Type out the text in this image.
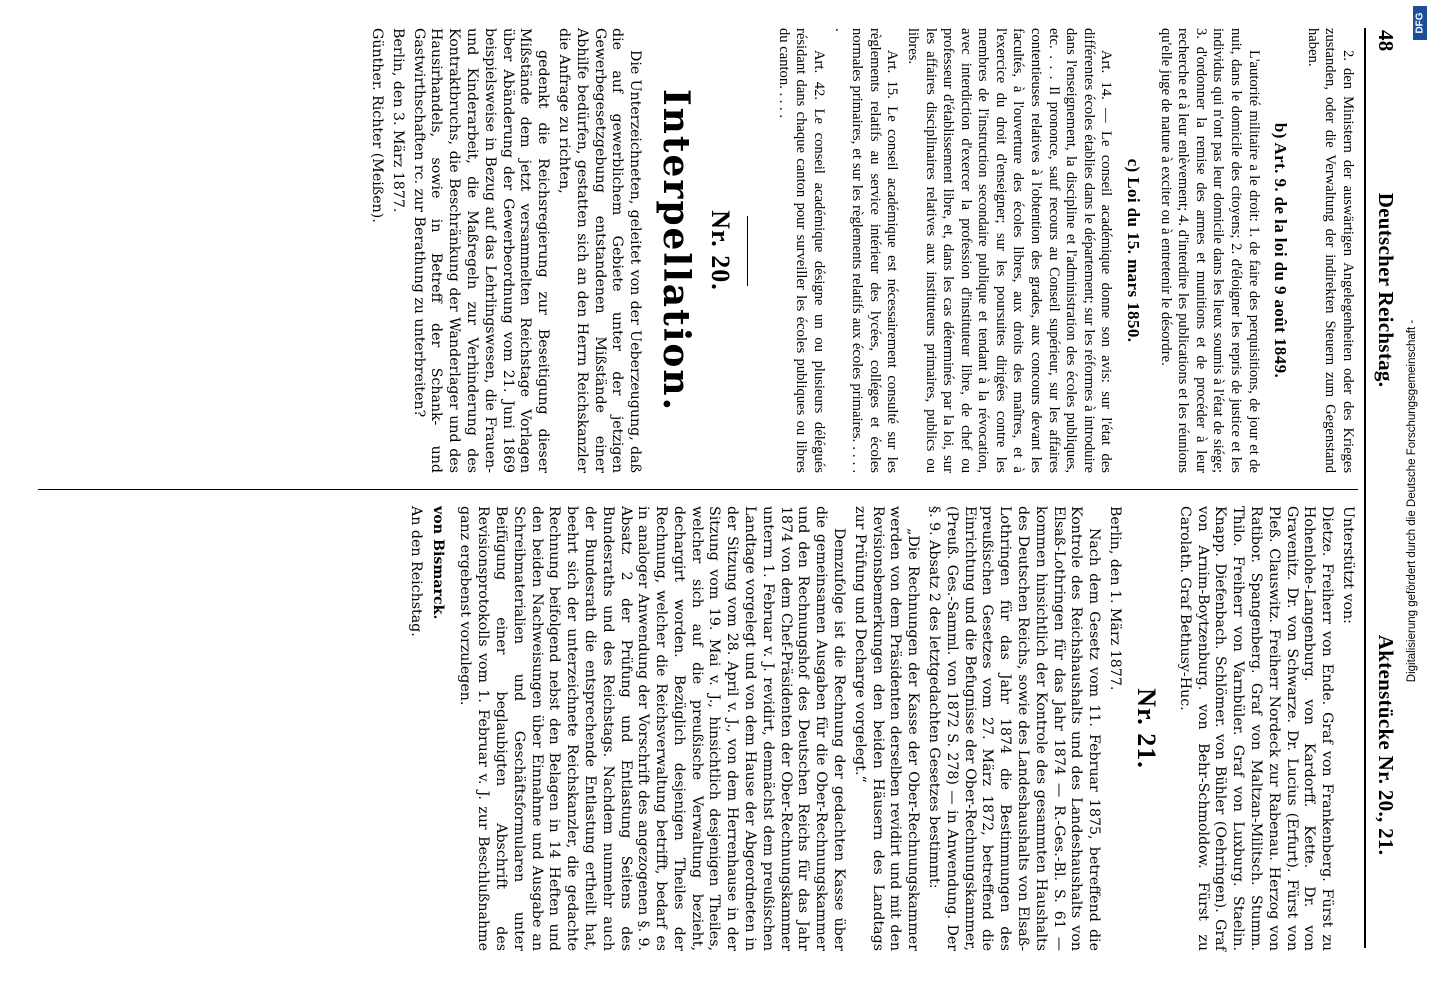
48
Deutscher Reichstag.
Aktenstücke Nr. 20., 21.

2. den Ministern der auswärtigen Angelegenheiten oder des Krieges zustanden, oder die Verwaltung der indirekten Steuern zum Gegenstand haben.

b) Art. 9. de la loi du 9 août 1849.

L'autorité militaire a le droit: 1. de faire des perquisitions, de jour et de nuit, dans le domicile des citoyens; 2. d'éloigner les repris de justice et les individus qui n'ont pas leur domicile dans les lieux soumis à l'état de siége; 3. d'ordonner la remise des armes et munitions et de procéder à leur recherche et à leur enlèvement; 4. d'interdire les publications et les réunions qu'elle juge de nature à exciter ou à entretenir le désordre.

c) Loi du 15. mars 1850.

Art. 14. — Le conseil académique donne son avis: sur l'état des différentes écoles établies dans le département; sur les réformes à introduire dans l'enseignement, la discipline et l'administration des écoles publiques, etc. . . . Il prononce, sauf recours au Conseil supérieur, sur les affaires contentieuses relatives à l'obtention des grades, aux concours devant les facultés, à l'ouverture des écoles libres, aux droits des maîtres, et à l'exercice du droit d'enseigner; sur les poursuites dirigées contre les membres de l'instruction secondaire publique et tendant à la révocation, avec interdiction d'exercer la profession d'instituteur libre, de chef ou professeur d'établissement libre, et, dans les cas déterminés par la loi, sur les affaires disciplinaires relatives aux instituteurs primaires, publics ou libres.

Art. 15. Le conseil académique est nécessairement consulté sur les règlements relatifs au service intérieur des lycées, colléges et écoles normales primaires, et sur les règlements relatifs aux écoles primaires. . . . . .

Art. 42. Le conseil académique désigne un ou plusieurs délégués résidant dans chaque canton pour surveiller les écoles publiques ou libres du canton. . . . .

Nr. 20.
Interpellation.

Die Unterzeichneten, geleitet von der Ueberzeugung, daß die auf gewerblichem Gebiete unter der jetzigen Gewerbegesetzgebung entstandenen Mißstände einer Abhilfe bedürfen, gestatten sich an den Herrn Reichskanzler die Anfrage zu richten,

gedenkt die Reichsregierung zur Beseitigung dieser Mißstände dem jetzt versammelten Reichstage Vorlagen über Abänderung der Gewerbeordnung vom 21. Juni 1869 beispielsweise in Bezug auf das Lehrlingswesen, die Frauen- und Kinderarbeit, die Maßregeln zur Verhinderung des Kontraktbruchs, die Beschränkung der Wanderlager und des Hausirhandels, sowie in Betreff der Schank- und Gastwirthschaften rc. zur Berathung zu unterbreiten?

Berlin, den 3. März 1877.

Günther. Richter (Meißen).

Unterstützt von:

Dietze. Freiherr von Ende. Graf von Frankenberg. Fürst zu Hohenlohe-Langenburg. von Kardorff. Kette. Dr. von Gravenitz. Dr. von Schwarze. Dr. Lucius (Erfurt). Fürst von Pleß. Clauswitz. Freiherr Nordeck zur Rabenau. Herzog von Ratibor. Spangenberg. Graf von Maltzan-Militsch. Stumm. Thilo. Freiherr von Varnbüler. Graf von Luxburg. Staelin. Knapp. Diefenbach. Schlömer. von Bühler (Oehringen). Graf von Arnim-Boytzenburg. von Behr-Schmoldow. Fürst zu Carolath. Graf Bethusy-Huc.

Nr. 21.

Berlin, den 1. März 1877.

Nach dem Gesetz vom 11. Februar 1875, betreffend die Kontrole des Reichshaushalts und des Landeshaushalts von Elsaß-Lothringen für das Jahr 1874 — R.-Ges.-Bl. S. 61 — kommen hinsichtlich der Kontrole des gesammten Haushalts des Deutschen Reichs, sowie des Landeshaushalts von Elsaß-Lothringen für das Jahr 1874 die Bestimmungen des preußischen Gesetzes vom 27. März 1872, betreffend die Einrichtung und die Befugnisse der Ober-Rechnungskammer, (Preuß. Ges.-Samml. von 1872 S. 278) — in Anwendung. Der §. 9. Absatz 2 des letztgedachten Gesetzes bestimmt:

„Die Rechnungen der Kasse der Ober-Rechnungskammer werden von dem Präsidenten derselben revidirt und mit den Revisionsbemerkungen den beiden Häusern des Landtags zur Prüfung und Decharge vorgelegt.“

Demzufolge ist die Rechnung der gedachten Kasse über die gemeinsamen Ausgaben für die Ober-Rechnungskammer und den Rechnungshof des Deutschen Reichs für das Jahr 1874 von dem Chef-Präsidenten der Ober-Rechnungskammer unterm 1. Februar v. J. revidirt, demnächst dem preußischen Landtage vorgelegt und von dem Hause der Abgeordneten in der Sitzung vom 28. April v. J., von dem Herrenhause in der Sitzung vom 19. Mai v. J., hinsichtlich desjenigen Theiles, welcher sich auf die preußische Verwaltung bezieht, dechargirt worden. Bezüglich desjenigen Theiles der Rechnung, welcher die Reichsverwaltung betrifft, bedarf es in analoger Anwendung der Vorschrift des angezogenen §. 9. Absatz 2 der Prüfung und Entlastung Seitens des Bundesraths und des Reichstags. Nachdem nunmehr auch der Bundesrath die entsprechende Entlastung ertheilt hat, beehrt sich der unterzeichnete Reichskanzler, die gedachte Rechnung beifolgend nebst den Belagen in 14 Heften und den beiden Nachweisungen über Einnahme und Ausgabe an Schreibmaterialien und Geschäftsformularen unter Beifügung einer beglaubigten Abschrift des Revisionsprotokolls vom 1. Februar v. J. zur Beschlußnahme ganz ergebenst vorzulegen.

von Bismarck.

An den Reichstag.	Digitalisierung gefördert durch die Deutsche Forschungsgemeinschaft -
DFG
